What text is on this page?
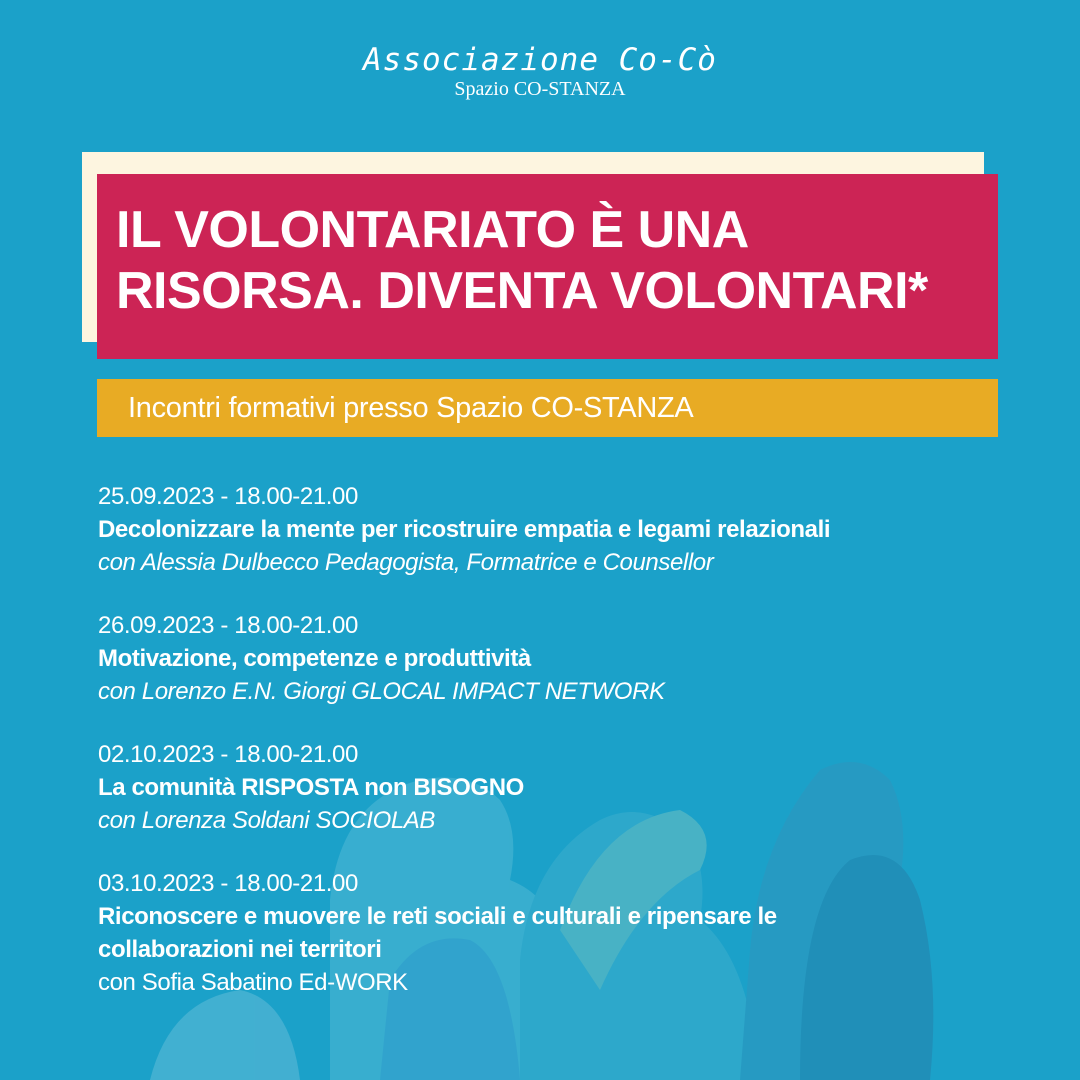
Associazione Co-Cò
Spazio CO-STANZA
IL VOLONTARIATO È UNA
RISORSA. DIVENTA VOLONTARI*
Incontri formativi presso Spazio CO-STANZA
25.09.2023 - 18.00-21.00
Decolonizzare la mente per ricostruire empatia e legami relazionali
con Alessia Dulbecco Pedagogista, Formatrice e Counsellor
26.09.2023 - 18.00-21.00
Motivazione, competenze e produttività
con Lorenzo E.N. Giorgi GLOCAL IMPACT NETWORK
02.10.2023 - 18.00-21.00
La comunità RISPOSTA non BISOGNO
con Lorenza Soldani SOCIOLAB
03.10.2023 - 18.00-21.00
Riconoscere e muovere le reti sociali e culturali e ripensare le
collaborazioni nei territori
con Sofia Sabatino Ed-WORK
